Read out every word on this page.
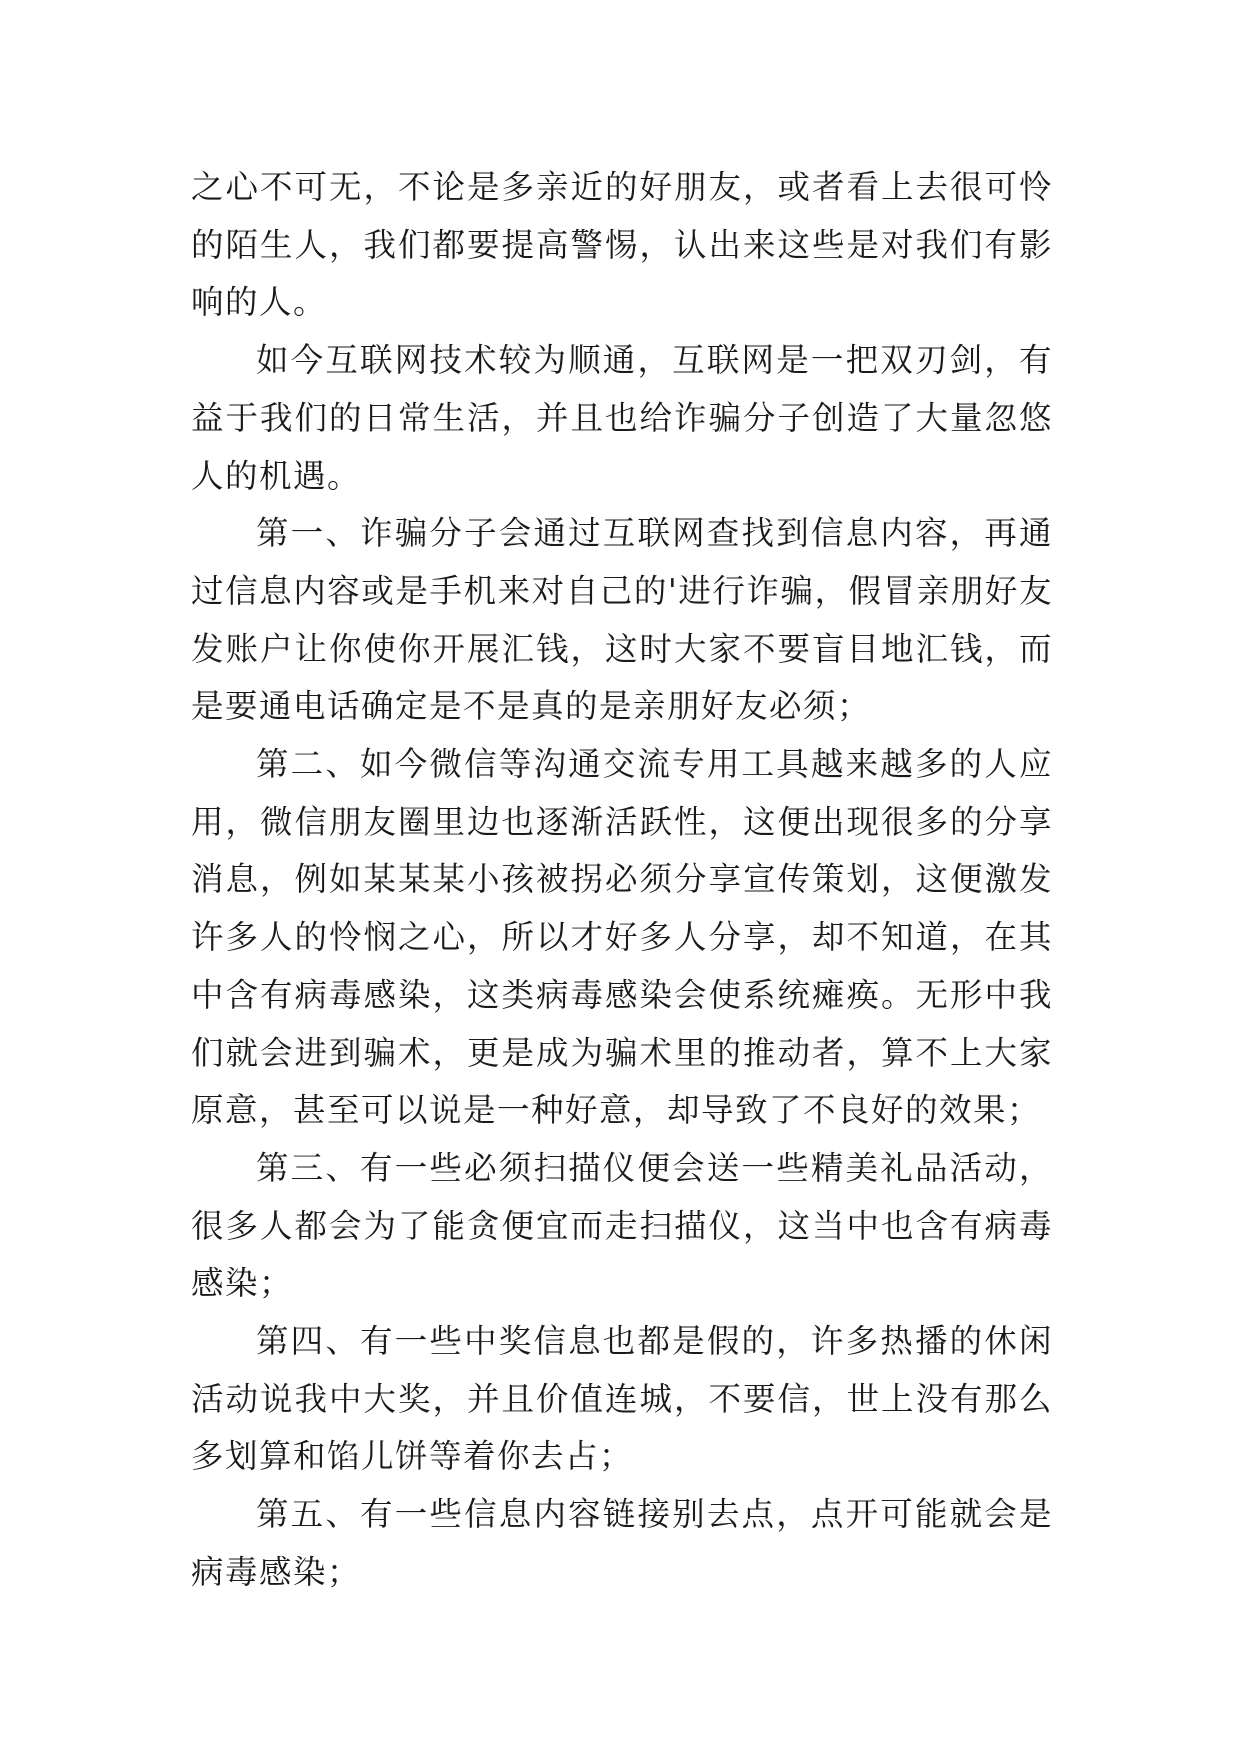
之心不可无，不论是多亲近的好朋友，或者看上去很可怜的陌生人，我们都要提高警惕，认出来这些是对我们有影响的人。

如今互联网技术较为顺通，互联网是一把双刃剑，有益于我们的日常生活，并且也给诈骗分子创造了大量忽悠人的机遇。

第一、诈骗分子会通过互联网查找到信息内容，再通过信息内容或是手机来对自己的'进行诈骗，假冒亲朋好友发账户让你使你开展汇钱，这时大家不要盲目地汇钱，而是要通电话确定是不是真的是亲朋好友必须；

第二、如今微信等沟通交流专用工具越来越多的人应用，微信朋友圈里边也逐渐活跃性，这便出现很多的分享消息，例如某某某小孩被拐必须分享宣传策划，这便激发许多人的怜悯之心，所以才好多人分享，却不知道，在其中含有病毒感染，这类病毒感染会使系统瘫痪。无形中我们就会进到骗术，更是成为骗术里的推动者，算不上大家原意，甚至可以说是一种好意，却导致了不良好的效果；

第三、有一些必须扫描仪便会送一些精美礼品活动，很多人都会为了能贪便宜而走扫描仪，这当中也含有病毒感染；

第四、有一些中奖信息也都是假的，许多热播的休闲活动说我中大奖，并且价值连城，不要信，世上没有那么多划算和馅儿饼等着你去占；

第五、有一些信息内容链接别去点，点开可能就会是病毒感染；
